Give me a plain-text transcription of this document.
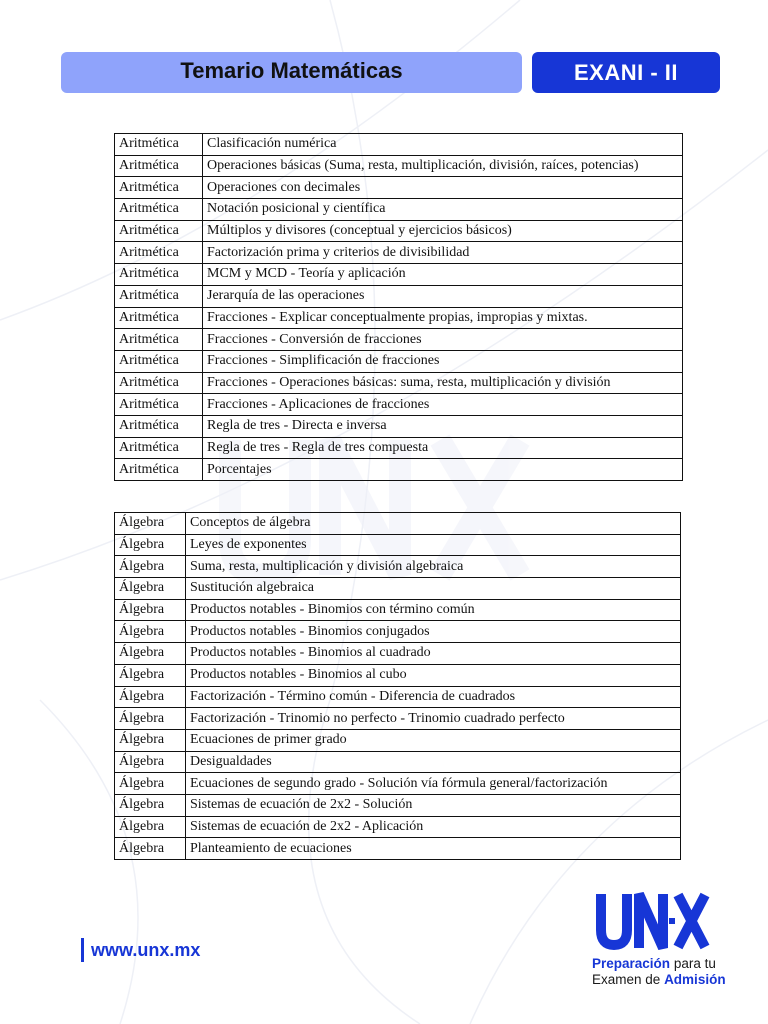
Temario Matemáticas	EXANI - II
Aritmética	Clasificación numérica
Aritmética	Operaciones básicas (Suma, resta, multiplicación, división, raíces, potencias)
Aritmética	Operaciones con decimales
Aritmética	Notación posicional y científica
Aritmética	Múltiplos y divisores (conceptual y ejercicios básicos)
Aritmética	Factorización prima y criterios de divisibilidad
Aritmética	MCM y MCD - Teoría y aplicación
Aritmética	Jerarquía de las operaciones
Aritmética	Fracciones - Explicar conceptualmente propias, impropias y mixtas.
Aritmética	Fracciones - Conversión de fracciones
Aritmética	Fracciones - Simplificación de fracciones
Aritmética	Fracciones - Operaciones básicas: suma, resta, multiplicación y división
Aritmética	Fracciones - Aplicaciones de fracciones
Aritmética	Regla de tres - Directa e inversa
Aritmética	Regla de tres - Regla de tres compuesta
Aritmética	Porcentajes
Álgebra	Conceptos de álgebra
Álgebra	Leyes de exponentes
Álgebra	Suma, resta, multiplicación y división algebraica
Álgebra	Sustitución algebraica
Álgebra	Productos notables - Binomios con término común
Álgebra	Productos notables - Binomios conjugados
Álgebra	Productos notables - Binomios al cuadrado
Álgebra	Productos notables - Binomios al cubo
Álgebra	Factorización - Término común - Diferencia de cuadrados
Álgebra	Factorización - Trinomio no perfecto - Trinomio cuadrado perfecto
Álgebra	Ecuaciones de primer grado
Álgebra	Desigualdades
Álgebra	Ecuaciones de segundo grado - Solución vía fórmula general/factorización
Álgebra	Sistemas de ecuación de 2x2 - Solución
Álgebra	Sistemas de ecuación de 2x2 - Aplicación
Álgebra	Planteamiento de ecuaciones
www.unx.mx
Preparación para tu
Examen de Admisión
